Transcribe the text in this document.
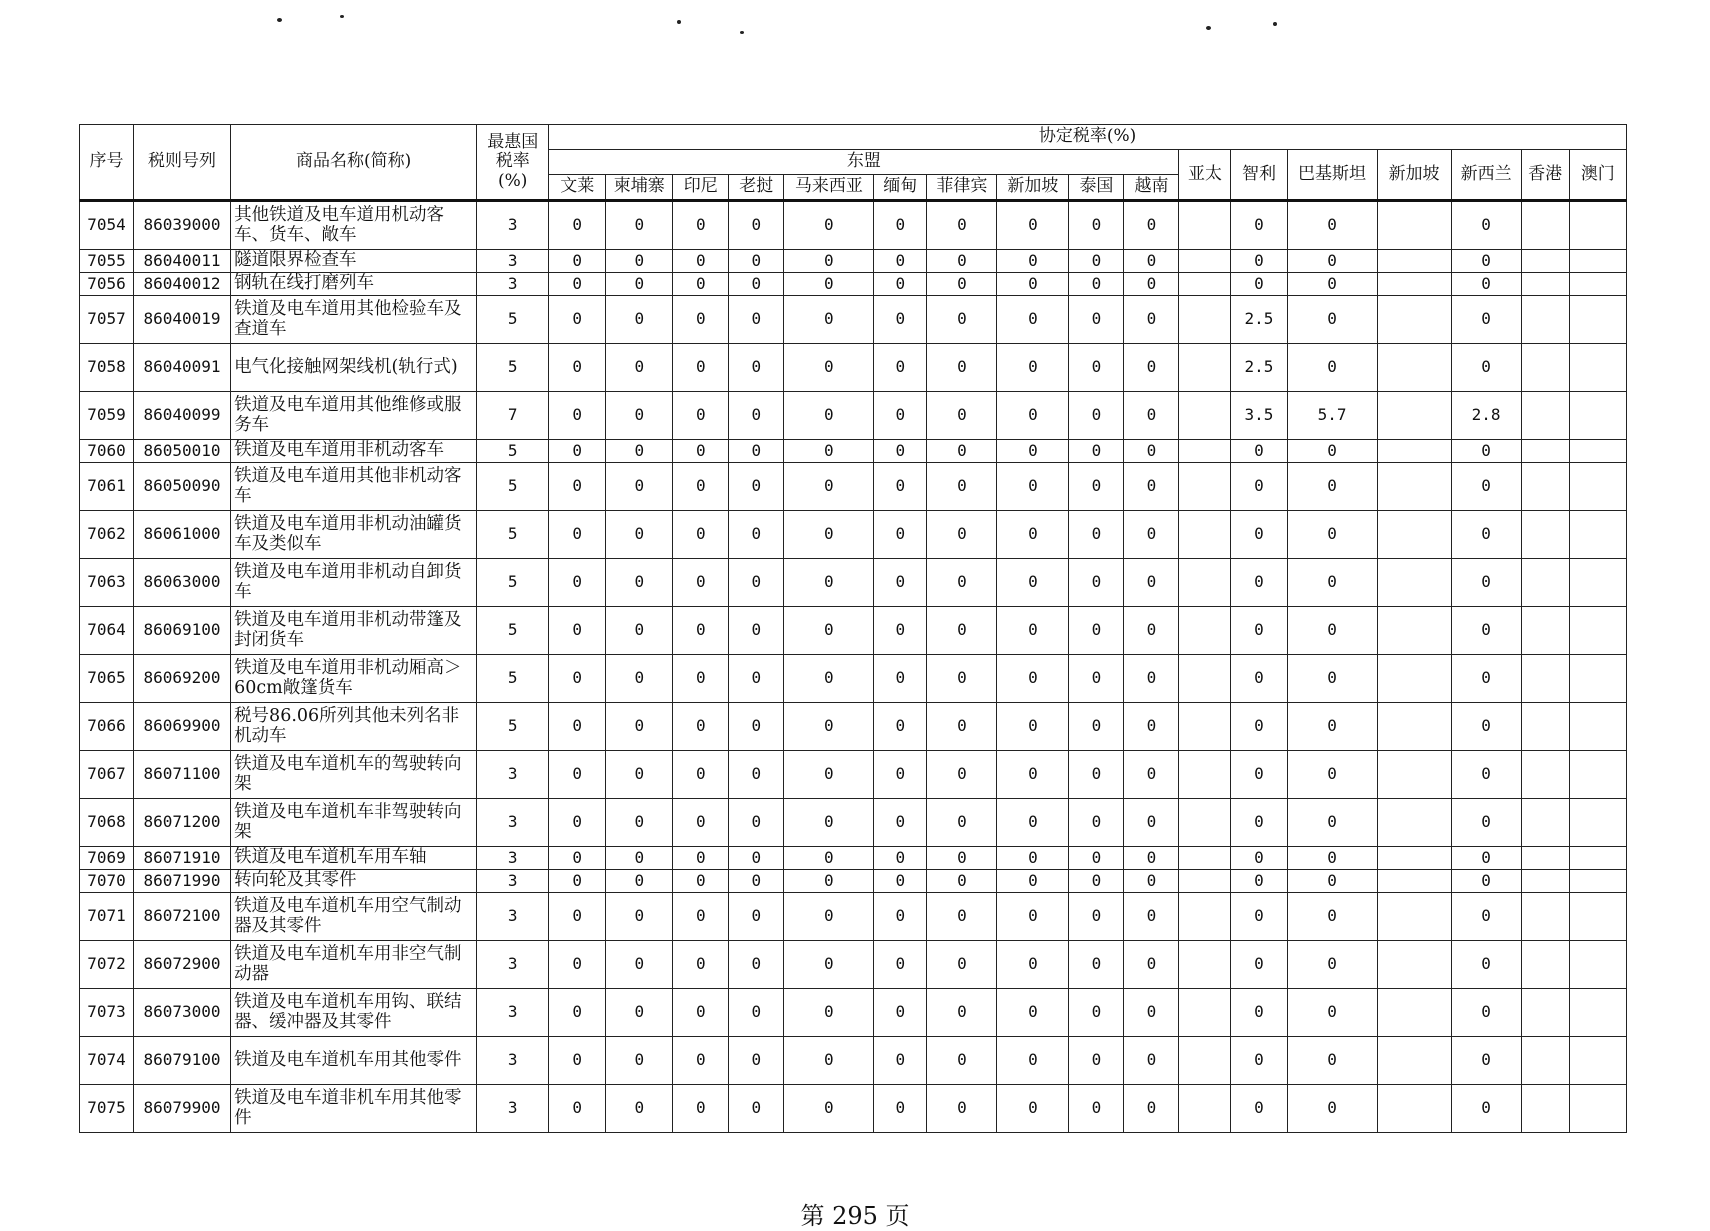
序号	税则号列	商品名称(简称)	最惠国
税率
(%)	协定税率(%)																
				东盟										亚太	智利	巴基斯坦	新加坡	新西兰	香港	澳门
				文莱	柬埔寨	印尼	老挝	马来西亚	缅甸	菲律宾	新加坡	泰国	越南							
7054	86039000	其他铁道及电车道用机动客车、货车、敞车	3	0	0	0	0	0	0	0	0	0	0		0	0		0		
7055	86040011	隧道限界检查车	3	0	0	0	0	0	0	0	0	0	0		0	0		0		
7056	86040012	钢轨在线打磨列车	3	0	0	0	0	0	0	0	0	0	0		0	0		0		
7057	86040019	铁道及电车道用其他检验车及查道车	5	0	0	0	0	0	0	0	0	0	0		2.5	0		0		
7058	86040091	电气化接触网架线机(轨行式)	5	0	0	0	0	0	0	0	0	0	0		2.5	0		0		
7059	86040099	铁道及电车道用其他维修或服务车	7	0	0	0	0	0	0	0	0	0	0		3.5	5.7		2.8		
7060	86050010	铁道及电车道用非机动客车	5	0	0	0	0	0	0	0	0	0	0		0	0		0		
7061	86050090	铁道及电车道用其他非机动客车	5	0	0	0	0	0	0	0	0	0	0		0	0		0		
7062	86061000	铁道及电车道用非机动油罐货车及类似车	5	0	0	0	0	0	0	0	0	0	0		0	0		0		
7063	86063000	铁道及电车道用非机动自卸货车	5	0	0	0	0	0	0	0	0	0	0		0	0		0		
7064	86069100	铁道及电车道用非机动带篷及封闭货车	5	0	0	0	0	0	0	0	0	0	0		0	0		0		
7065	86069200	铁道及电车道用非机动厢高＞60cm敞篷货车	5	0	0	0	0	0	0	0	0	0	0		0	0		0		
7066	86069900	税号86.06所列其他未列名非机动车	5	0	0	0	0	0	0	0	0	0	0		0	0		0		
7067	86071100	铁道及电车道机车的驾驶转向架	3	0	0	0	0	0	0	0	0	0	0		0	0		0		
7068	86071200	铁道及电车道机车非驾驶转向架	3	0	0	0	0	0	0	0	0	0	0		0	0		0		
7069	86071910	铁道及电车道机车用车轴	3	0	0	0	0	0	0	0	0	0	0		0	0		0		
7070	86071990	转向轮及其零件	3	0	0	0	0	0	0	0	0	0	0		0	0		0		
7071	86072100	铁道及电车道机车用空气制动器及其零件	3	0	0	0	0	0	0	0	0	0	0		0	0		0		
7072	86072900	铁道及电车道机车用非空气制动器	3	0	0	0	0	0	0	0	0	0	0		0	0		0		
7073	86073000	铁道及电车道机车用钩、联结器、缓冲器及其零件	3	0	0	0	0	0	0	0	0	0	0		0	0		0		
7074	86079100	铁道及电车道机车用其他零件	3	0	0	0	0	0	0	0	0	0	0		0	0		0		
7075	86079900	铁道及电车道非机车用其他零件	3	0	0	0	0	0	0	0	0	0	0		0	0		0		
第 295 页
